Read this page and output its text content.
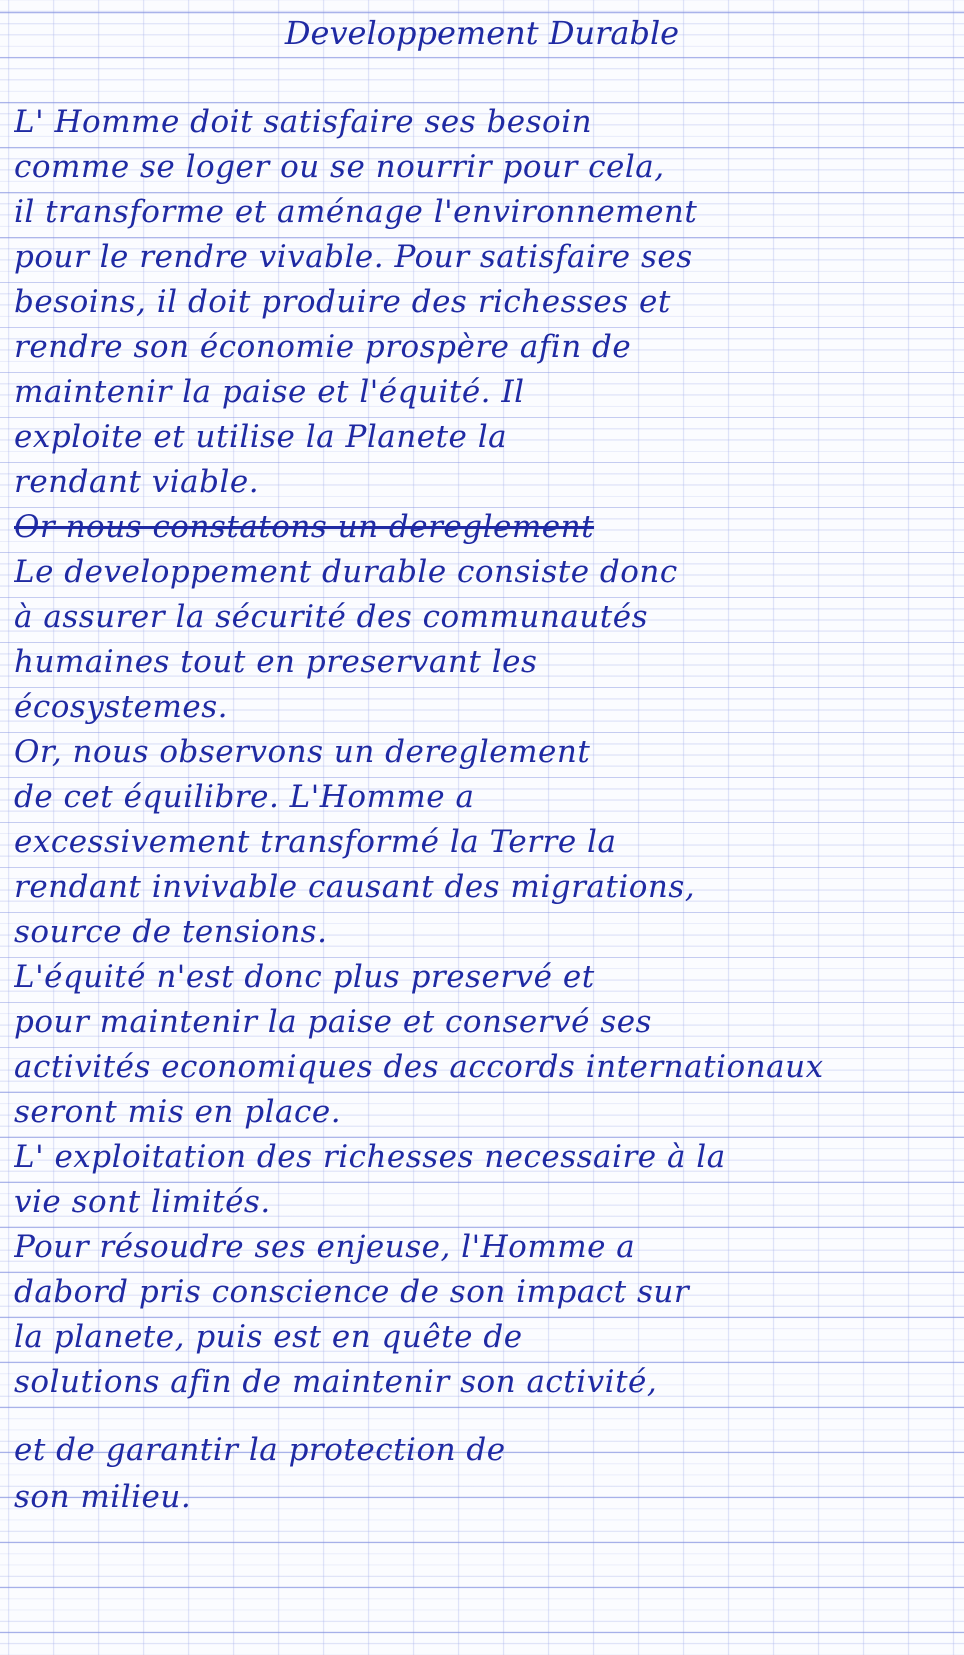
Developpement Durable
L' Homme doit satisfaire ses besoin
comme se loger ou se nourrir pour cela,
il transforme et aménage l'environnement
pour le rendre vivable. Pour satisfaire ses
besoins, il doit produire des richesses et
rendre son économie prospère afin de
maintenir la paise et l'équité. Il
exploite et utilise la Planete la
rendant viable.
Or nous constatons un dereglement
Le developpement durable consiste donc
à assurer la sécurité des communautés
humaines tout en preservant les
écosystemes.
Or, nous observons un dereglement
de cet équilibre. L'Homme a
excessivement transformé la Terre la
rendant invivable causant des migrations,
source de tensions.
L'équité n'est donc plus preservé et
pour maintenir la paise et conservé ses
activités economiques des accords internationaux
seront mis en place.
L' exploitation des richesses necessaire à la
vie sont limités.
Pour résoudre ses enjeuse, l'Homme a
dabord pris conscience de son impact sur
la planete, puis est en quête de
solutions afin de maintenir son activité,
et de garantir la protection de
son milieu.
